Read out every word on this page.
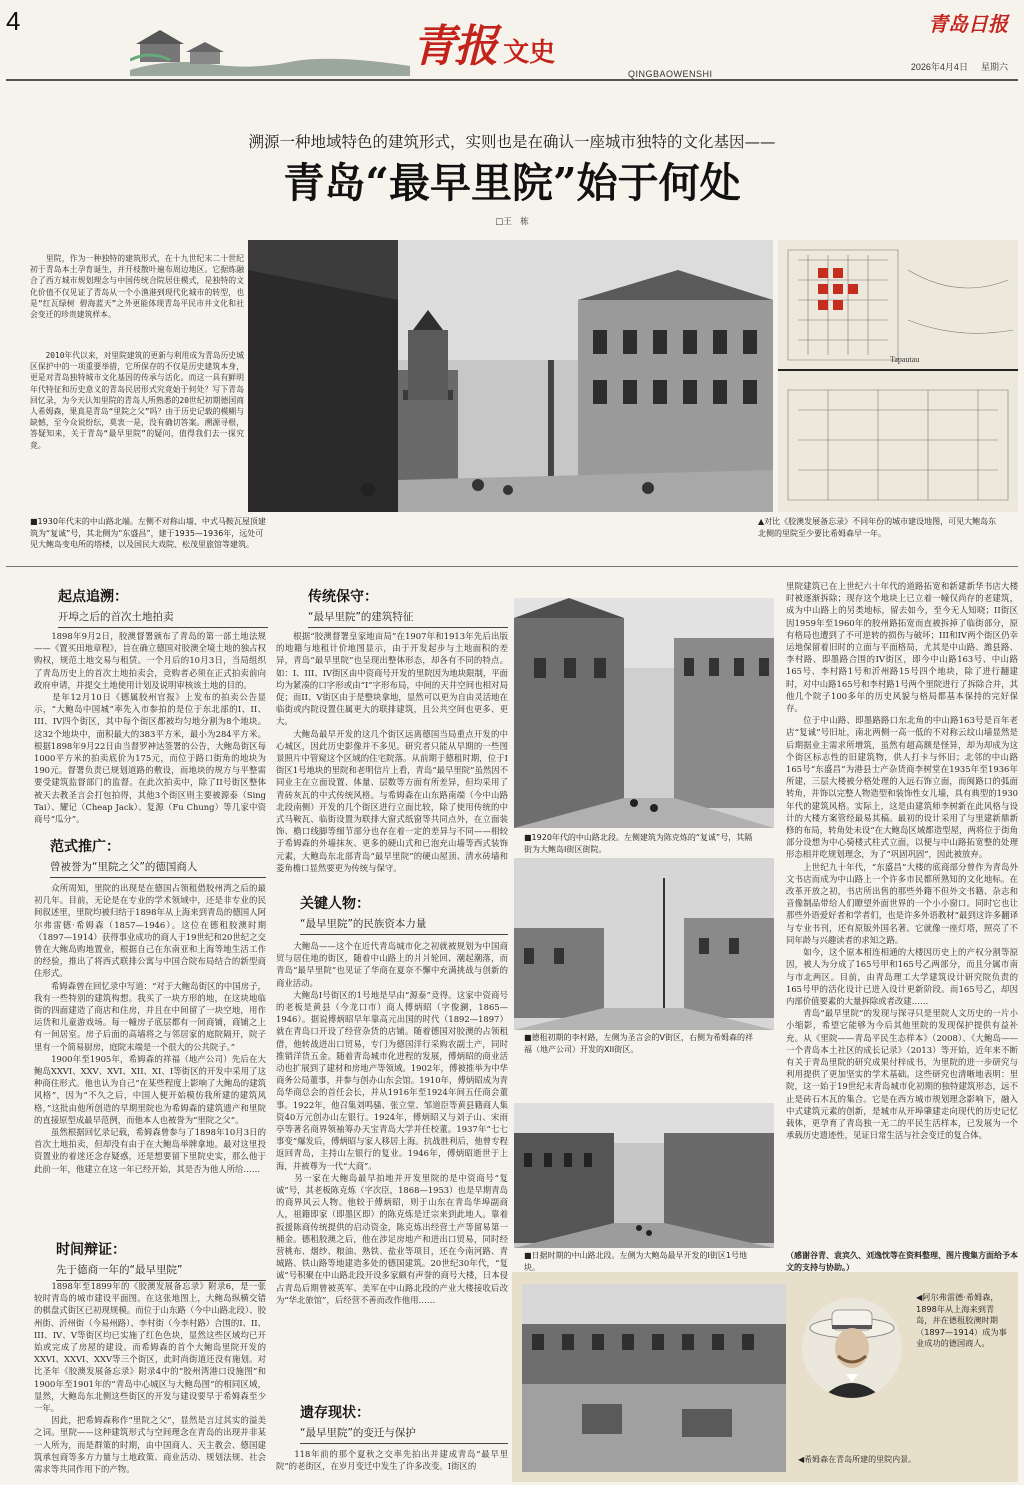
4	青报 文史
QINGBAOWENSHI
青岛日报
2026年4月4日 星期六
溯源一种地域特色的建筑形式，实则也是在确认一座城市独特的文化基因——
青岛“最早里院”始于何处
□王　栋
　　里院，作为一种独特的建筑形式，在十九世纪末二十世纪初于青岛本土孕育诞生，并开枝散叶遍布周边地区。它据炼融合了西方城市规划理念与中国传统合院居住模式，是独特的文化价值不仅见证了青岛从一个小渔港到现代化城市的转型，也是“红瓦绿树 碧海蓝天”之外更能体现青岛平民市井文化和社会变迁的珍贵建筑样本。
　　2010年代以来，对里院建筑的更新与利用成为青岛历史城区保护中的一项重要举措，它所保存的不仅是历史建筑本身，更是对青岛独特城市文化基因的传承与活化。而这一具有鲜明年代特征和历史意义的青岛民居形式究竟始于何处？写下青岛回忆录，为今天认知里院的青岛人所熟悉的20世纪初期德国商人希姆森，果真是青岛“里院之父”吗？由于历史记载的模糊与缺憾，至今众说纷纭，莫衷一是，没有确切答案。溯源寻根，答疑知来，关于青岛“最早里院”的疑问，值得我们去一探究竟。
Tapautau
■1930年代末的中山路北端。左侧不对称山墙、中式马鞍瓦屋顶建筑为“复诚”号，其北侧为“东盛昌”，建于1935—1936年，远处可见大鲍岛变电所的塔楼，以及国民大戏院、松茂里旅馆等建筑。
▲对比《胶澳发展备忘录》不同年份的城市建设地图，可见大鲍岛东北侧的里院至少要比希姆森早一年。
起点追溯：
开埠之后的首次土地拍卖
　　1898年9月2日，胶澳督署颁布了青岛的第一部土地法规——《置买田地章程》，旨在确立德国对胶澳全境土地的独占权购权，规范土地交易与租赁。一个月后的10月3日，当局组织了青岛历史上的首次土地拍卖会，竞购者必须在正式拍卖前向政府申请，并提交土地使用计划及说明审核该土地的目的。
　　是年12月10日《德属胶州官报》上发布的拍卖公告显示，“大鲍岛中国城”率先入市参拍的是位于东北部的I、II、III、IV四个街区，其中每个街区都被均匀地分割为8个地块。这32个地块中，面积最大的383平方米，最小为284平方米。根据1898年9月22日由当督罗神达签署的公告，大鲍岛街区每1000平方米的拍卖底价为175元，而位于路口街角的地块为190元。督署负责已规划道路的敷设，而地块的规方与平整需要受建筑监督部门的监督。在此次拍卖中，除了II号街区整体被天去教圣言会打包拍得，其他3个街区则主要被源泰（Sing Tai）、耀记（Cheap Jack）、复源（Fu Chung）等几家中资商号“瓜分”。
范式推广：
曾被誉为“里院之父”的德国商人
　　众所周知，里院的出现是在德国占领租借胶州湾之后的最初几年。目前，无论是在专业的学术领域中，还是非专业的民间叙述里，里院均被归结于1898年从上海来到青岛的德国人阿尔弗雷德·希姆森（1857—1946）。这位在德租胶澳时期（1897—1914）获得事业成功的商人于19世纪和20世纪之交曾在大鲍岛购地置业，根据自己在东南亚和上海等地生活工作的经验，推出了将西式联排公寓与中国合院布局结合的新型商住形式。
　　希姆森曾在回忆录中写道：“对于大鲍岛街区的中国房子，我有一些特别的建筑构想。我买了一块方形的地，在这块地临街的四面建造了商店和住房，并且在中间留了一块空地，用作运货和儿童游戏场。每一幢房子底层都有一间商铺，商铺之上有一间居室。房子后面的高墙将之与邻居家的庭院隔开，院子里有一个简易厨房，庭院末端是一个很大的公共院子。”
　　1900年至1905年，希姆森的祥福（地产公司）先后在大鲍岛XXVI、XXV、XVI、XII、XI、I等街区的开发中采用了这种商住形式。他也认为自己“在某些程度上影响了大鲍岛的建筑风格”，因为“不久之后，中国人便开始模仿我所建的建筑风格，”这批由他所创造的早期里院也为希姆森的建筑遗产和里院的直接原型成最早范例，而他本人也被誉为“里院之父”。
　　虽然根据回忆录记载，希姆森曾参与了1898年10月3日的首次土地拍卖，但却没有由于在大鲍岛举牌拿地。最对这里投资置业的着迷还念存疑惑，还是想要留下里院史实，那么他于此前一年，他建立在这一年已经开始，其是否为他人所给……
时间辩证：
先于德商一年的“最早里院”
　　1898年至1899年的《胶澳发展备忘录》附录6，是一张较时青岛的城市建设平面图。在这张地图上，大鲍岛纵横交错的棋盘式街区已初现规模。而位于山东路（今中山路北段）、胶州街、沂州街（今易州路）、李村街（今李村路）合围的I、II、III、IV、V等街区均已实施了红色色块，显然这些区域均已开始或完成了房屋的建设。而希姆森的首个大鲍岛里院开发的XXVI、XXVI、XXV等三个街区，此时尚街道还没有施划。对比圣年《胶澳发展备忘录》附录4中的“胶州湾港口设施图”和1900年至1901年的“青岛中心城区与大鲍岛图”的相同区域，显然，大鲍岛东北侧这些街区的开发与建设要早于希姆森至少一年。
　　因此，把希姆森称作“里院之父”，显然是言过其实的溢美之词。里院——这种建筑形式与空间理念在青岛的出现并非某一人所为，而是群策的时期，由中国商人、天主教会、德国建筑承包商等多方力量与土地政策、商业活动、规划法规、社会需求等共同作用下的产物。
传统保守：
“最早里院”的建筑特征
　　根据“胶澳督署皇家地亩局”在1907年和1913年先后出版的地籍与地租计价地图显示，由于开发起步与土地面积的差异，青岛“最早里院”也呈现出整体形态，却各有不同的特点。如：I、III、IV街区由中资商号开发的里院因为地块限制，平面均为紧凑的口字形或由“I”字形布局，中间的天井空间也相对局促；而II、V街区由于是整块拿地，显然可以更为自由灵活地在临街或内院设置住属更大的联排建筑，且公共空间也更多、更大。
　　大鲍岛最早开发的这几个街区远离德国当局重点开发的中心城区，因此历史影像并不多见。研究者只能从早期的一些图景照片中管窥这个区域的住宅院落。从前期于德租时期，位于I街区1号地块的里院和老明信片上看，青岛“最早里院”虽然因不同业主在立面设置、体量、层数等方面有所差异，但均采用了青砖灰瓦的中式传统风格。与希姆森在山东路南端（今中山路北段南侧）开发的几个街区进行立面比较，除了使用传统的中式马鞍瓦、临街设置为联排大窗式纸窗等共同点外，在立面装饰、檐口线脚等细节部分也存在着一定的差异与不同——相较于希姆森的外墙抹灰、更多的硬山式和已泡充山墙等西式装饰元素，大鲍岛东北部青岛“最早里院”的硬山屋顶、清水砖墙和菱角檐口显然要更为传统与保守。
关键人物：
“最早里院”的民族资本力量
　　大鲍岛——这个在近代青岛城市化之初就被规划为中国商贸与居住地的街区，随着中山路上的爿爿轮回、潮起潮落，而青岛“最早里院”也见证了华商在夏奈不懈中充满挑战与创新的商业活动。
　　大鲍岛I号街区的1号地是早由“源泰”竞得。这家中资商号的老板是黄县（今龙口市）商人傅炳昭（字俊澜，1865—1946）。据说傅炳昭早年靠高元出国的时代（1892—1897）就在青岛口开设了经营杂货的店铺。随着德国对胶澳的占领租借，他转战进出口贸易，专门为德国洋行采购农副土产，同时推销洋货五金。随着青岛城市化进程的发展，傅炳昭的商业活动也扩展到了建材和房地产等领域。1902年，傅被推举为中华商务公局董事，并参与创办山东会馆。1910年，傅炳昭成为青岛华商总会的首任会长，并从1916年至1924年间五任商会董事。1922年，他召集刘鸣骚、张立堂、邹道臣等黄县籍商人集资40万元创办山左银行。1924年，傅炳昭又与刘子山、宋雨亭等著名商界领袖筹办天宝青岛大学并任校董。1937年“七七事变”爆发后，傅炳昭与家人移居上海。抗战胜利后，他曾专程返回青岛，主持山左银行的复业。1946年，傅炳昭逝世于上海，并被尊为一代“大商”。
　　另一家在大鲍岛最早拍地并开发里院的是中资商号“复诚”号，其老板陈克炼（字次臣，1868—1953）也是早期青岛的商界风云人物。他较于傅炳昭，则于山东在青岛华埠副商人，祖籍即家（即墨区即）的陈克炼是迁宗来到此地人。靠着扳援陈商传统提供的启动资金，陈克炼出经营土产等留易第一桶金。德租胶澳之后，他在涉足房地产和进出口贸易，同时经营桃布、烟纱、粮油、熟铁、盐业等项目，还在今南河路、青城路、铁山路等地建造多处的德国建筑。20世纪30年代，“复诚”号积聚在中山路北段开设多家颇有声誉的商号大楼，日本侵占青岛后期曾被英军、美军在中山路北段的产业大楼接收后改为“华北旅馆”，后经营不善而改作他用……
遗存现状：
“最早里院”的变迁与保护
　　118年前的那个夏秋之交率先拍出并建成青岛“最早里院”的老街区，在岁月变迁中发生了许多改变。I街区的
■1920年代的中山路北段。左侧建筑为陈克炼的“复诚”号，其隔街为大鲍岛I街区街院。
■德租初期的李村路，左侧为圣言会的V街区，右侧为希姆森的祥福（地产公司）开发的XII街区。
■日据时期的中山路北段。左侧为大鲍岛最早开发的I街区1号地块。
里院建筑已在上世纪六十年代的道路拓宽和新建新华书店大楼时被逐渐拆除；现存这个地块上已立着一幢仅尚存的老建筑，成为中山路上的另类地标，留去如今，至今无人知晓；II街区因1959年至1960年的胶州路拓宽而直被拆掉了临街部分，原有格局也遭到了不可逆转的损伤与破坏；III和IV两个街区仍幸运地保留着旧时的立面与平面格局，尤其是中山路、潍县路、李村路、即墨路合围的IV街区，即今中山路163号、中山路165号、李村路1号和沂州路15号四个地块，除了进行翻建时，对中山路165号和李村路1号两个里院进行了拆除合并，其他几个院子100多年的历史风貌与格局都基本保持的完好保存。
　　位于中山路、即墨路路口东北角的中山路163号是百年老店“复诚”号旧址，南北两侧一高一低的不对称云纹山墙显然是后期据业主需求所增筑，虽然有超高额是怪异，却为却成为这个街区标志性的旧建筑物，供人打卡与怀旧；北邻的中山路165号“东盛昌”为港县士产杂货商李树堂在1935年至1936年所建，三层大楼被分格处理的入远石饰立面，而闽路口的弧面转角，并饰以完整人物造型和装饰性女儿墙，具有典型的1930年代的建筑风格。实际上，这是由建筑师李树新在此风格与设计的大楼方案管经最易其稿。最初的设计采用了与里建新鼎新修的布局，转角处未设“在大鲍岛区域都造型屋，两将位于街角部分设想为中心骑楼式柱式立面，以便与中山路拓宽整的处理形态相并吃规划理念，为了“巩固巩固”，因此被放弃。
　　上世纪九十年代，“东盛昌”大楼的底商部分曾作为青岛外文书店而成为中山路上一个许多市民都所熟知的文化地标。在改革开放之初，书店所出售的那些外籍不但外文书籍、杂志和音像制品带给人们瞭望外面世界的一个小小窗口。同时它也让那些外语爱好者和学者们，也是许多外语教材“最到这许多翻译与专业书刊，还有原版外国名著。它就像一座灯塔，照亮了不同年龄与兴趣读者的求知之路。
　　如今，这个原本相连相通的大楼因历史上的产权分割等原因，被人为分成了165号甲和165号乙两部分，而且分属市南与市北两区。目前，由青岛理工大学建筑设计研究院负责的165号甲的活化设计已进入设计更新阶段。而165号乙，却因内部价值要素的大量拆除或者改建……
　　青岛“最早里院”的发现与探寻只是里院人文历史的一片小小缩影，希望它能够为今后其他里院的发现保护提供有益补充。从《里院——青岛平民生态样本》（2008）、《大鲍岛——一个青岛本土社区的成长记录》（2013）等开始，近年来不断有关于青岛里院的研究成果付梓成书，为里院的进一步研究与利用提供了更加坚实的学术基础。这些研究也清晰地表明：里院，这一始于19世纪末青岛城市化初期的独特建筑形态，远不止是砖石木瓦的集合。它是在西方城市规划理念影响下，融入中式建筑元素的创新，是城市从开埠肇建走向现代的历史记忆载体，更孕育了青岛独一无二的平民生活样本，已发展为一个承载历史遗迹性，见证日常生活与社会变迁的复合体。
（感谢谷青、袁宾久、刘逸忱等在资料整理、图片搜集方面给予本文的支持与协助。）
◀阿尔弗雷德·希姆森，1898年从上海来到青岛，并在德租胶澳时期（1897—1914）成为事业成功的德国商人。
◀希姆森在青岛所建的里院内景。
